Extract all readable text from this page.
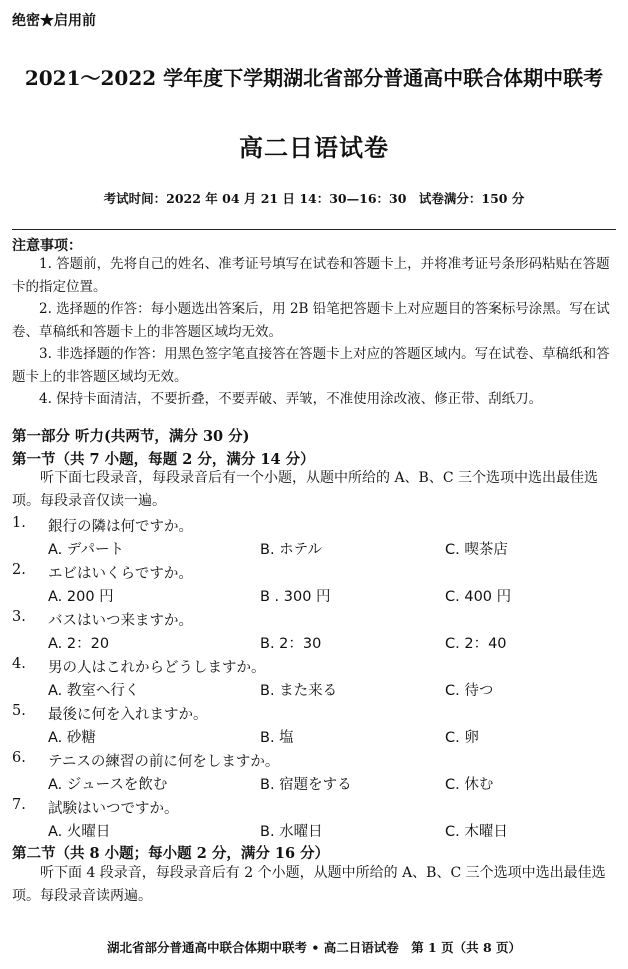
绝密★启用前
2021～2022 学年度下学期湖北省部分普通高中联合体期中联考
高二日语试卷
考试时间：2022 年 04 月 21 日 14：30—16：30　试卷满分：150 分
注意事项：
1. 答题前，先将自己的姓名、准考证号填写在试卷和答题卡上，并将准考证号条形码粘贴在答题卡的指定位置。
2. 选择题的作答：每小题选出答案后，用 2B 铅笔把答题卡上对应题目的答案标号涂黑。写在试卷、草稿纸和答题卡上的非答题区域均无效。
3. 非选择题的作答：用黑色签字笔直接答在答题卡上对应的答题区域内。写在试卷、草稿纸和答题卡上的非答题区域均无效。
4. 保持卡面清洁，不要折叠，不要弄破、弄皱，不准使用涂改液、修正带、刮纸刀。
第一部分 听力(共两节，满分 30 分)
第一节（共 7 小题，每题 2 分，满分 14 分）
听下面七段录音，每段录音后有一个小题，从题中所给的 A、B、C 三个选项中选出最佳选项。每段录音仅读一遍。
1. 銀行の隣は何ですか。
A. デパート	B. ホテル	C. 喫茶店
2. エビはいくらですか。
A. 200 円	B . 300 円	C. 400 円
3. バスはいつ来ますか。
A. 2：20	B. 2：30	C. 2：40
4. 男の人はこれからどうしますか。
A. 教室へ行く	B. また来る	C. 待つ
5. 最後に何を入れますか。
A. 砂糖	B. 塩	C. 卵
6. テニスの練習の前に何をしますか。
A. ジュースを飲む	B. 宿題をする	C. 休む
7. 試験はいつですか。
A. 火曜日	B. 水曜日	C. 木曜日
第二节（共 8 小题；每小题 2 分，满分 16 分）
听下面 4 段录音，每段录音后有 2 个小题，从题中所给的 A、B、C 三个选项中选出最佳选项。每段录音读两遍。
湖北省部分普通高中联合体期中联考 • 高二日语试卷　第 1 页（共 8 页）
